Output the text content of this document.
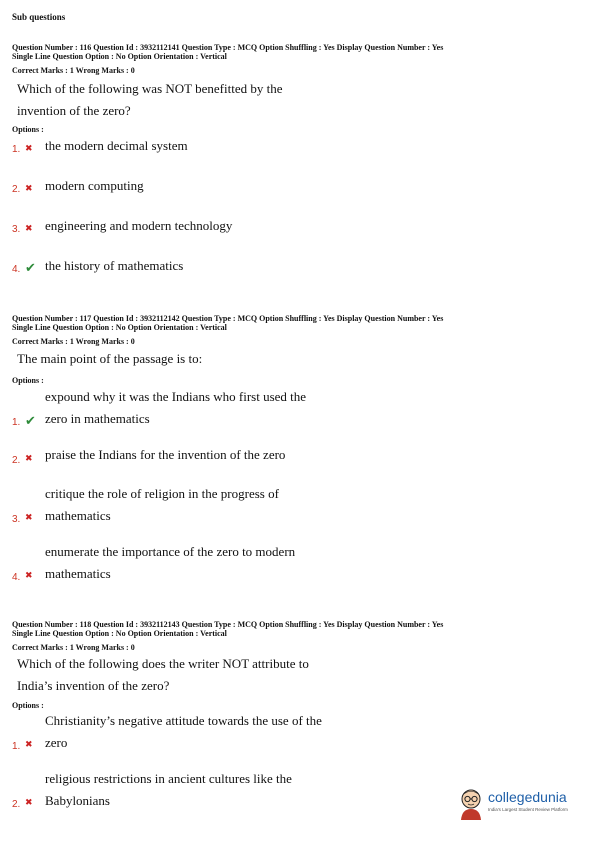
Sub questions
Question Number : 116 Question Id : 3932112141 Question Type : MCQ Option Shuffling : Yes Display Question Number : Yes
Single Line Question Option : No Option Orientation : Vertical
Correct Marks : 1 Wrong Marks : 0
Which of the following was NOT benefitted by the
invention of the zero?
Options :
1. ✖ the modern decimal system
2. ✖ modern computing
3. ✖ engineering and modern technology
4. ✔ the history of mathematics
Question Number : 117 Question Id : 3932112142 Question Type : MCQ Option Shuffling : Yes Display Question Number : Yes
Single Line Question Option : No Option Orientation : Vertical
Correct Marks : 1 Wrong Marks : 0
The main point of the passage is to:
Options :
1. ✔
expound why it was the Indians who first used the
zero in mathematics
2. ✖ praise the Indians for the invention of the zero
3. ✖
critique the role of religion in the progress of
mathematics
4. ✖
enumerate the importance of the zero to modern
mathematics
Question Number : 118 Question Id : 3932112143 Question Type : MCQ Option Shuffling : Yes Display Question Number : Yes
Single Line Question Option : No Option Orientation : Vertical
Correct Marks : 1 Wrong Marks : 0
Which of the following does the writer NOT attribute to
India’s invention of the zero?
Options :
1. ✖
Christianity’s negative attitude towards the use of the
zero
2. ✖
religious restrictions in ancient cultures like the
Babylonians	collegedunia
India's Largest Student Review Platform
